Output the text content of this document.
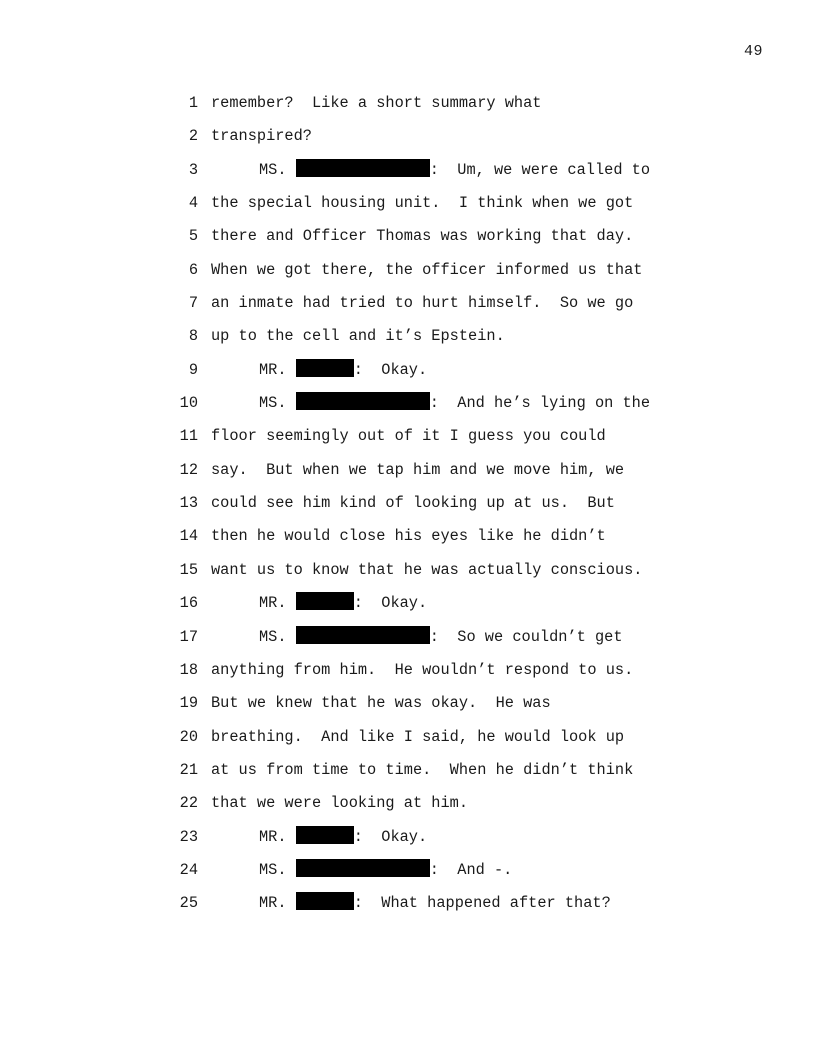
49
1 remember?  Like a short summary what
2 transpired?
3	MS.	:  Um, we were called to
4 the special housing unit.  I think when we got
5 there and Officer Thomas was working that day.
6 When we got there, the officer informed us that
7 an inmate had tried to hurt himself.  So we go
8 up to the cell and it’s Epstein.
9	MR.	:  Okay.
10	MS.	:  And he’s lying on the
11 floor seemingly out of it I guess you could
12 say.  But when we tap him and we move him, we
13 could see him kind of looking up at us.  But
14 then he would close his eyes like he didn’t
15 want us to know that he was actually conscious.
16	MR.	:  Okay.
17	MS.	:  So we couldn’t get
18 anything from him.  He wouldn’t respond to us.
19 But we knew that he was okay.  He was
20 breathing.  And like I said, he would look up
21 at us from time to time.  When he didn’t think
22 that we were looking at him.
23	MR.	:  Okay.
24	MS.	:  And -.
25	MR.	:  What happened after that?
